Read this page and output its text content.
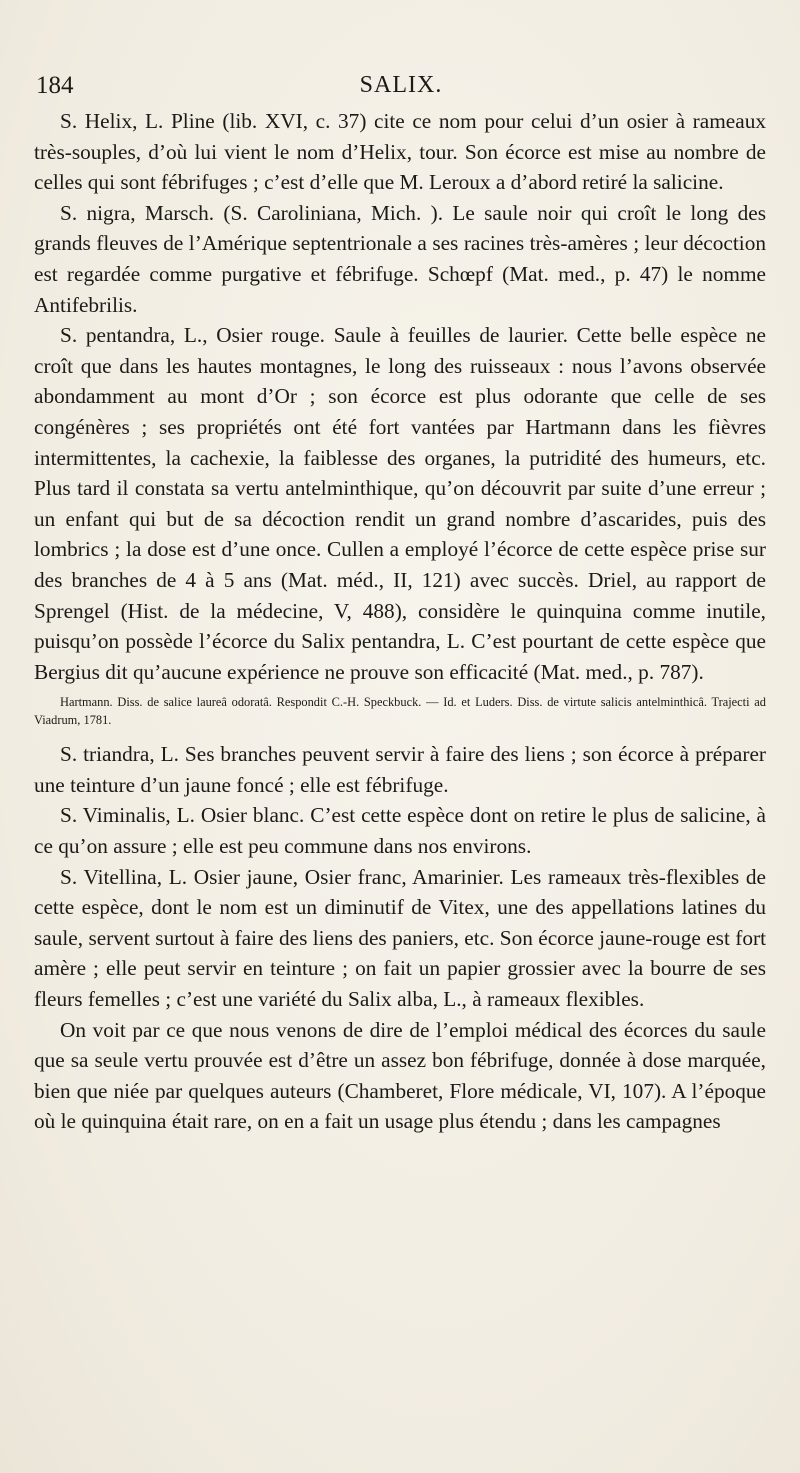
184	SALIX.

S. Helix, L. Pline (lib. XVI, c. 37) cite ce nom pour celui d’un osier à rameaux très-souples, d’où lui vient le nom d’Helix, tour. Son écorce est mise au nombre de celles qui sont fébrifuges ; c’est d’elle que M. Leroux a d’abord retiré la salicine.

S. nigra, Marsch. (S. Caroliniana, Mich. ). Le saule noir qui croît le long des grands fleuves de l’Amérique septentrionale a ses racines très-amères ; leur décoction est regardée comme purgative et fébrifuge. Schœpf (Mat. med., p. 47) le nomme Antifebrilis.

S. pentandra, L., Osier rouge. Saule à feuilles de laurier. Cette belle espèce ne croît que dans les hautes montagnes, le long des ruisseaux : nous l’avons observée abondamment au mont d’Or ; son écorce est plus odorante que celle de ses congénères ; ses propriétés ont été fort vantées par Hartmann dans les fièvres intermittentes, la cachexie, la faiblesse des organes, la putridité des humeurs, etc. Plus tard il constata sa vertu antelminthique, qu’on découvrit par suite d’une erreur ; un enfant qui but de sa décoction rendit un grand nombre d’ascarides, puis des lombrics ; la dose est d’une once. Cullen a employé l’écorce de cette espèce prise sur des branches de 4 à 5 ans (Mat. méd., II, 121) avec succès. Driel, au rapport de Sprengel (Hist. de la médecine, V, 488), considère le quinquina comme inutile, puisqu’on possède l’écorce du Salix pentandra, L. C’est pourtant de cette espèce que Bergius dit qu’aucune expérience ne prouve son efficacité (Mat. med., p. 787).

Hartmann. Diss. de salice laureâ odoratâ. Respondit C.-H. Speckbuck. — Id. et Luders. Diss. de virtute salicis antelminthicâ. Trajecti ad Viadrum, 1781.

S. triandra, L. Ses branches peuvent servir à faire des liens ; son écorce à préparer une teinture d’un jaune foncé ; elle est fébrifuge.

S. Viminalis, L. Osier blanc. C’est cette espèce dont on retire le plus de salicine, à ce qu’on assure ; elle est peu commune dans nos environs.

S. Vitellina, L. Osier jaune, Osier franc, Amarinier. Les rameaux très-flexibles de cette espèce, dont le nom est un diminutif de Vitex, une des appellations latines du saule, servent surtout à faire des liens des paniers, etc. Son écorce jaune-rouge est fort amère ; elle peut servir en teinture ; on fait un papier grossier avec la bourre de ses fleurs femelles ; c’est une variété du Salix alba, L., à rameaux flexibles.

On voit par ce que nous venons de dire de l’emploi médical des écorces du saule que sa seule vertu prouvée est d’être un assez bon fébrifuge, donnée à dose marquée, bien que niée par quelques auteurs (Chamberet, Flore médicale, VI, 107). A l’époque où le quinquina était rare, on en a fait un usage plus étendu ; dans les campagnes
